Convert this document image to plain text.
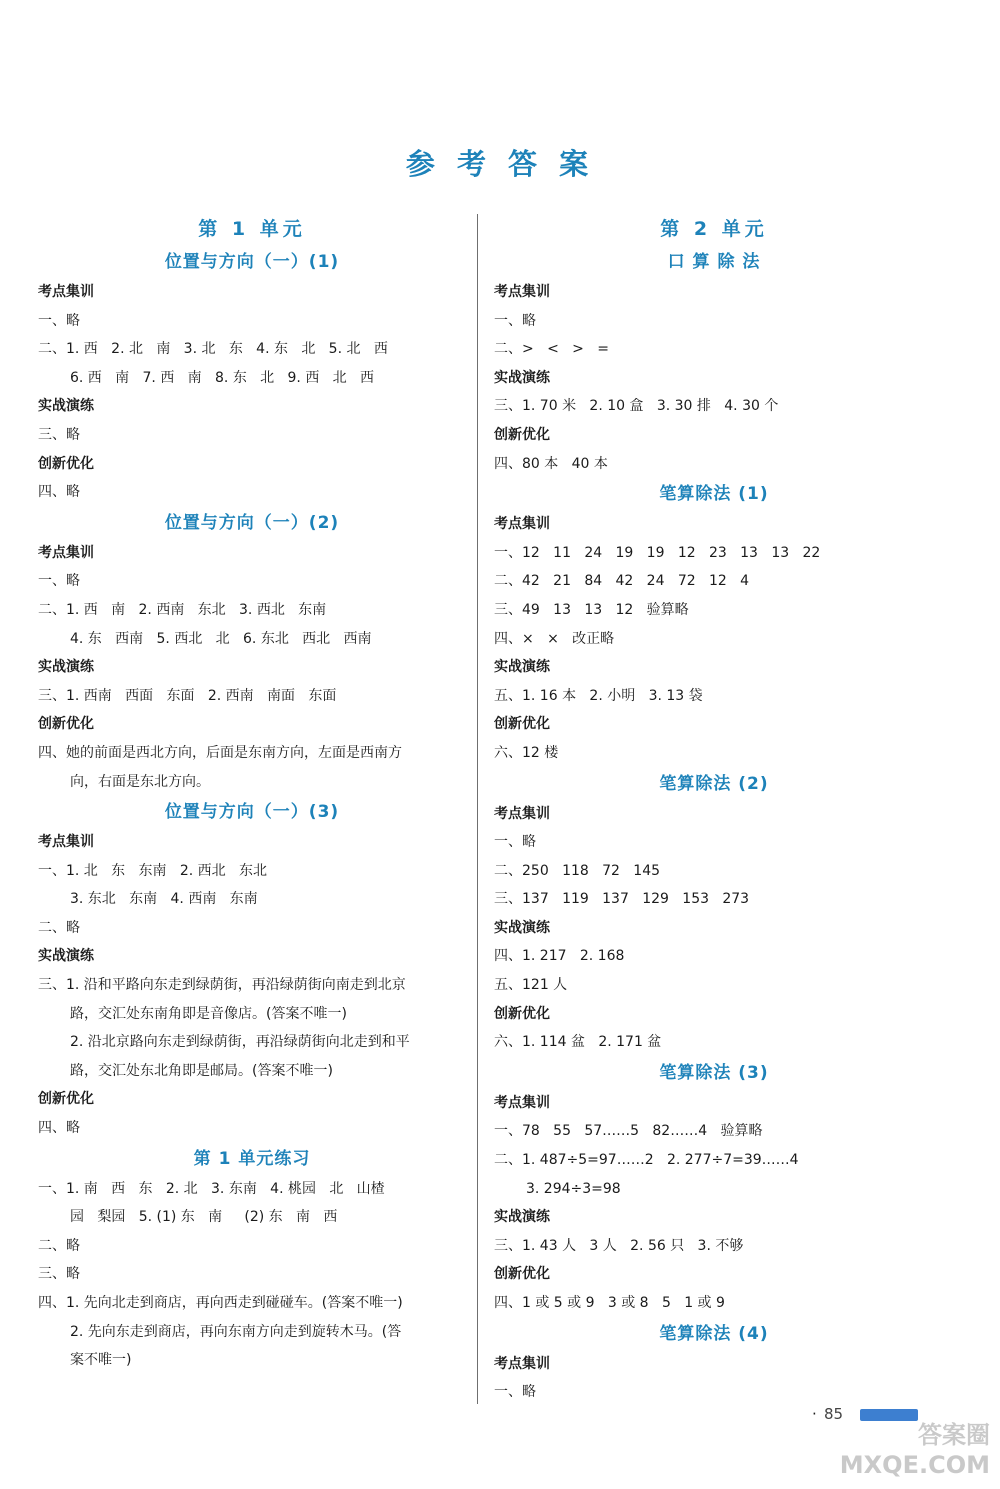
参 考 答 案
第 1 单元
位置与方向（一）(1)
考点集训
一、略
二、1. 西   2. 北   南   3. 北   东   4. 东   北   5. 北   西
6. 西   南   7. 西   南   8. 东   北   9. 西   北   西
实战演练
三、略
创新优化
四、略
位置与方向（一）(2)
考点集训
一、略
二、1. 西   南   2. 西南   东北   3. 西北   东南
4. 东   西南   5. 西北   北   6. 东北   西北   西南
实战演练
三、1. 西南   西面   东面   2. 西南   南面   东面
创新优化
四、她的前面是西北方向，后面是东南方向，左面是西南方
向，右面是东北方向。
位置与方向（一）(3)
考点集训
一、1. 北   东   东南   2. 西北   东北
3. 东北   东南   4. 西南   东南
二、略
实战演练
三、1. 沿和平路向东走到绿荫街，再沿绿荫街向南走到北京
路，交汇处东南角即是音像店。(答案不唯一)
2. 沿北京路向东走到绿荫街，再沿绿荫街向北走到和平
路，交汇处东北角即是邮局。(答案不唯一)
创新优化
四、略
第 1 单元练习
一、1. 南   西   东   2. 北   3. 东南   4. 桃园   北   山楂
园   梨园   5. (1) 东   南     (2) 东   南   西
二、略
三、略
四、1. 先向北走到商店，再向西走到碰碰车。(答案不唯一)
2. 先向东走到商店，再向东南方向走到旋转木马。(答
案不唯一)
第 2 单元
口 算 除 法
考点集训
一、略
二、>   <   >   =
实战演练
三、1. 70 米   2. 10 盒   3. 30 排   4. 30 个
创新优化
四、80 本   40 本
笔算除法 (1)
考点集训
一、12   11   24   19   19   12   23   13   13   22
二、42   21   84   42   24   72   12   4
三、49   13   13   12   验算略
四、×   ×   改正略
实战演练
五、1. 16 本   2. 小明   3. 13 袋
创新优化
六、12 楼
笔算除法 (2)
考点集训
一、略
二、250   118   72   145
三、137   119   137   129   153   273
实战演练
四、1. 217   2. 168
五、121 人
创新优化
六、1. 114 盆   2. 171 盆
笔算除法 (3)
考点集训
一、78   55   57……5   82……4   验算略
二、1. 487÷5=97……2   2. 277÷7=39……4
3. 294÷3=98
实战演练
三、1. 43 人   3 人   2. 56 只   3. 不够
创新优化
四、1 或 5 或 9   3 或 8   5   1 或 9
笔算除法 (4)
考点集训
一、略
· 85
答案圈
MXQE.COM
